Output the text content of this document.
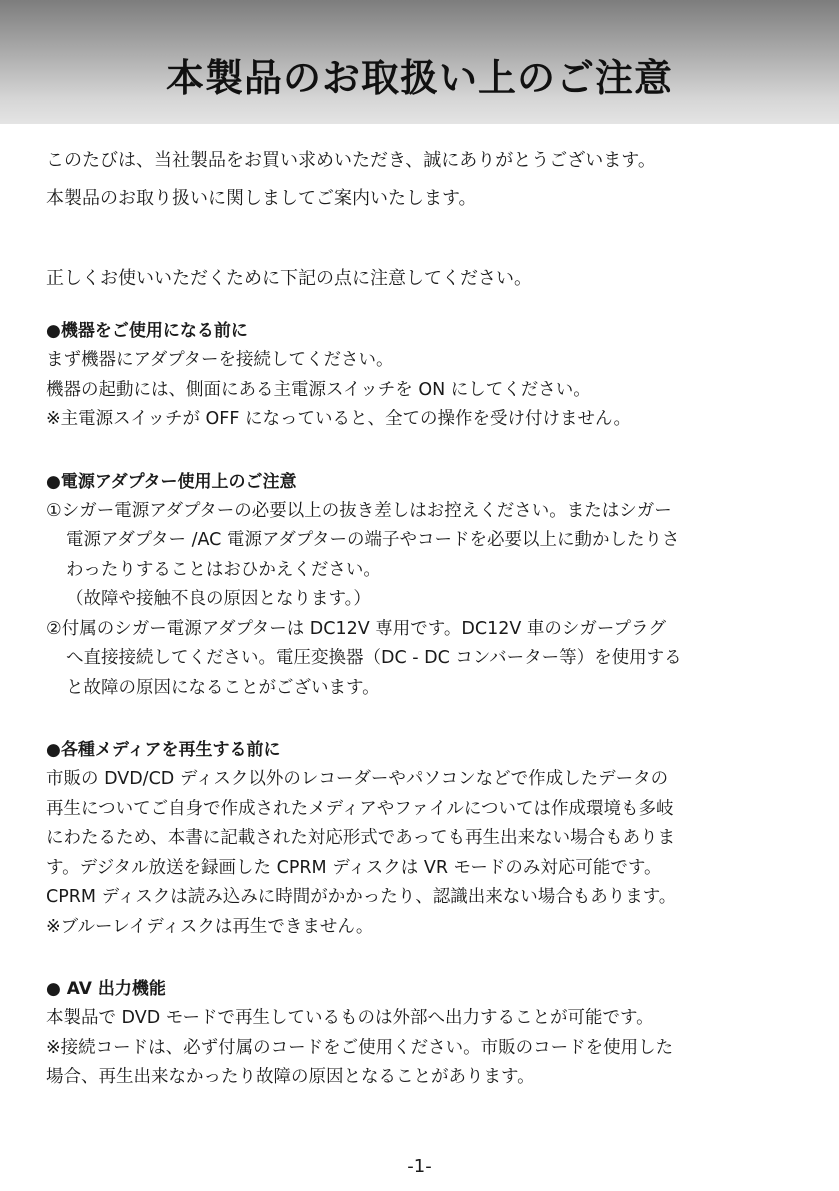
本製品のお取扱い上のご注意
このたびは、当社製品をお買い求めいただき、誠にありがとうございます。
本製品のお取り扱いに関しましてご案内いたします。
正しくお使いいただくために下記の点に注意してください。
●機器をご使用になる前に
まず機器にアダプターを接続してください。
機器の起動には、側面にある主電源スイッチを ON にしてください。
※主電源スイッチが OFF になっていると、全ての操作を受け付けません。
●電源アダプター使用上のご注意
①シガー電源アダプターの必要以上の抜き差しはお控えください。またはシガー
電源アダプター /AC 電源アダプターの端子やコードを必要以上に動かしたりさ
わったりすることはおひかえください。
（故障や接触不良の原因となります。）
②付属のシガー電源アダプターは DC12V 専用です。DC12V 車のシガープラグ
へ直接接続してください。電圧変換器（DC - DC コンバーター等）を使用する
と故障の原因になることがございます。
●各種メディアを再生する前に
市販の DVD/CD ディスク以外のレコーダーやパソコンなどで作成したデータの
再生についてご自身で作成されたメディアやファイルについては作成環境も多岐
にわたるため、本書に記載された対応形式であっても再生出来ない場合もありま
す。デジタル放送を録画した CPRM ディスクは VR モードのみ対応可能です。
CPRM ディスクは読み込みに時間がかかったり、認識出来ない場合もあります。
※ブルーレイディスクは再生できません。
● AV 出力機能
本製品で DVD モードで再生しているものは外部へ出力することが可能です。
※接続コードは、必ず付属のコードをご使用ください。市販のコードを使用した
場合、再生出来なかったり故障の原因となることがあります。
-1-
